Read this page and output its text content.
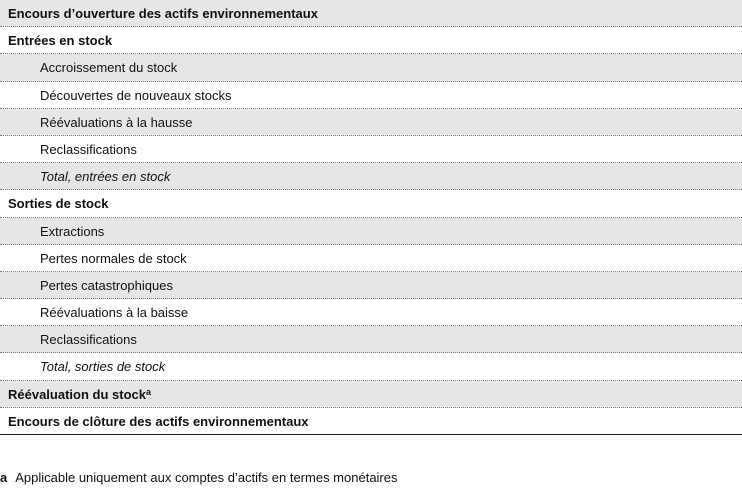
Encours d’ouverture des actifs environnementaux
Entrées en stock
Accroissement du stock
Découvertes de nouveaux stocks
Réévaluations à la hausse
Reclassifications
Total, entrées en stock
Sorties de stock
Extractions
Pertes normales de stock
Pertes catastrophiques
Réévaluations à la baisse
Reclassifications
Total, sorties de stock
Réévaluation du stock$^a$
Encours de clôture des actifs environnementaux
a Applicable uniquement aux comptes d’actifs en termes monétaires
